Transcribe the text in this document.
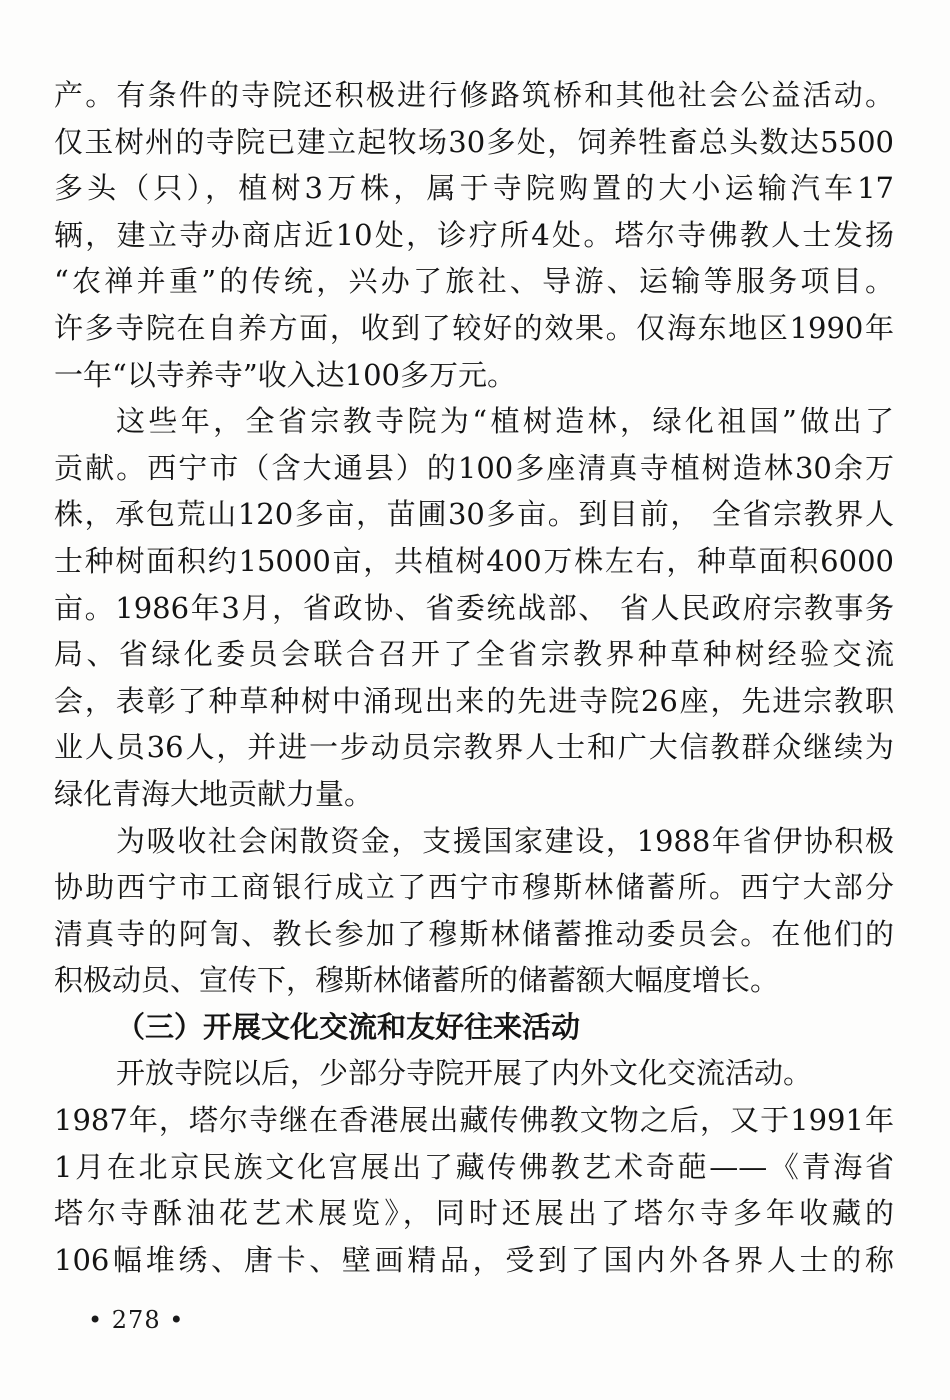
产。有条件的寺院还积极进行修路筑桥和其他社会公益活动。
仅玉树州的寺院已建立起牧场30多处，饲养牲畜总头数达5500
多头（只），植树3万株，属于寺院购置的大小运输汽车17
辆，建立寺办商店近10处，诊疗所4处。塔尔寺佛教人士发扬
“农禅并重”的传统，兴办了旅社、导游、运输等服务项目。
许多寺院在自养方面，收到了较好的效果。仅海东地区1990年
一年“以寺养寺”收入达100多万元。
这些年，全省宗教寺院为“植树造林，绿化祖国”做出了
贡献。西宁市（含大通县）的100多座清真寺植树造林30余万
株，承包荒山120多亩，苗圃30多亩。到目前， 全省宗教界人
士种树面积约15000亩，共植树400万株左右，种草面积6000
亩。1986年3月，省政协、省委统战部、 省人民政府宗教事务
局、省绿化委员会联合召开了全省宗教界种草种树经验交流
会，表彰了种草种树中涌现出来的先进寺院26座，先进宗教职
业人员36人，并进一步动员宗教界人士和广大信教群众继续为
绿化青海大地贡献力量。
为吸收社会闲散资金，支援国家建设，1988年省伊协积极
协助西宁市工商银行成立了西宁市穆斯林储蓄所。西宁大部分
清真寺的阿訇、教长参加了穆斯林储蓄推动委员会。在他们的
积极动员、宣传下，穆斯林储蓄所的储蓄额大幅度增长。
（三）开展文化交流和友好往来活动
开放寺院以后，少部分寺院开展了内外文化交流活动。
1987年，塔尔寺继在香港展出藏传佛教文物之后，又于1991年
1月在北京民族文化宫展出了藏传佛教艺术奇葩——《青海省
塔尔寺酥油花艺术展览》，同时还展出了塔尔寺多年收藏的
106幅堆绣、唐卡、壁画精品，受到了国内外各界人士的称
• 278 •
